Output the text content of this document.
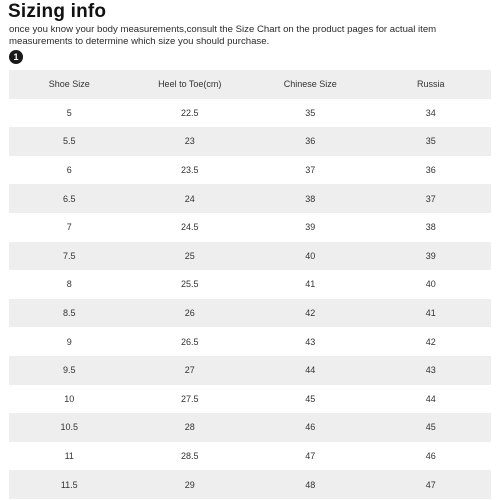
Sizing info

once you know your body measurements,consult the Size Chart on the product pages for actual item measurements to determine which size you should purchase.

1
Shoe Size	Heel to Toe(cm)	Chinese Size	Russia
5	22.5	35	34
5.5	23	36	35
6	23.5	37	36
6.5	24	38	37
7	24.5	39	38
7.5	25	40	39
8	25.5	41	40
8.5	26	42	41
9	26.5	43	42
9.5	27	44	43
10	27.5	45	44
10.5	28	46	45
11	28.5	47	46
11.5	29	48	47
